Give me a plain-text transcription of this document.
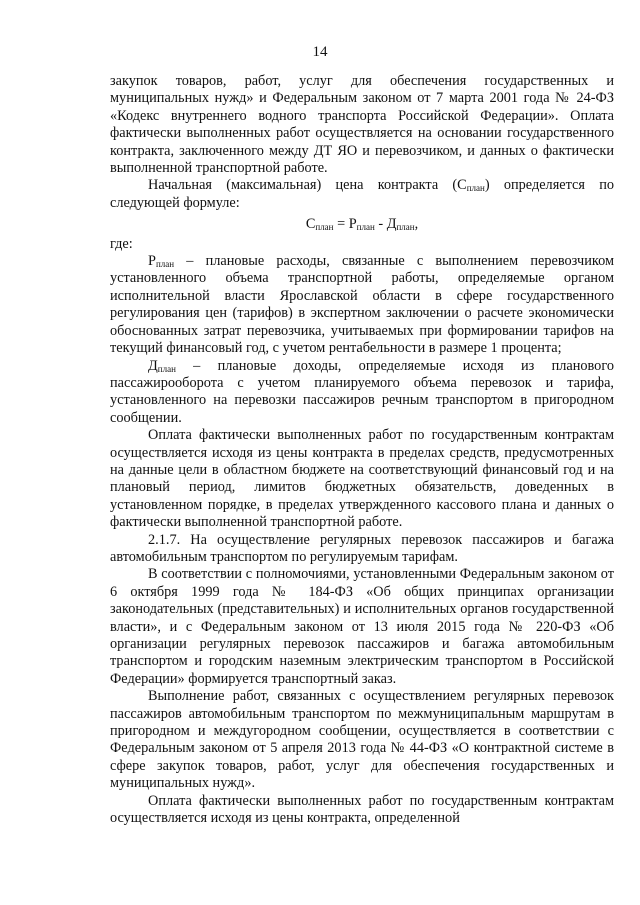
14

закупок товаров, работ, услуг для обеспечения государственных и муниципальных нужд» и Федеральным законом от 7 марта 2001 года № 24-ФЗ «Кодекс внутреннего водного транспорта Российской Федерации». Оплата фактически выполненных работ осуществляется на основании государственного контракта, заключенного между ДТ ЯО и перевозчиком, и данных о фактически выполненной транспортной работе.

Начальная (максимальная) цена контракта $(C_{план})$ определяется по следующей формуле:

$C_{план} = P_{план} - Д_{план}$,

где:

$P_{план}$ – плановые расходы, связанные с выполнением перевозчиком установленного объема транспортной работы, определяемые органом исполнительной власти Ярославской области в сфере государственного регулирования цен (тарифов) в экспертном заключении о расчете экономически обоснованных затрат перевозчика, учитываемых при формировании тарифов на текущий финансовый год, с учетом рентабельности в размере 1 процента;

$Д_{план}$ – плановые доходы, определяемые исходя из планового пассажирооборота с учетом планируемого объема перевозок и тарифа, установленного на перевозки пассажиров речным транспортом в пригородном сообщении.

Оплата фактически выполненных работ по государственным контрактам осуществляется исходя из цены контракта в пределах средств, предусмотренных на данные цели в областном бюджете на соответствующий финансовый год и на плановый период, лимитов бюджетных обязательств, доведенных в установленном порядке, в пределах утвержденного кассового плана и данных о фактически выполненной транспортной работе.

2.1.7. На осуществление регулярных перевозок пассажиров и багажа автомобильным транспортом по регулируемым тарифам.

В соответствии с полномочиями, установленными Федеральным законом от 6 октября 1999 года № 184-ФЗ «Об общих принципах организации законодательных (представительных) и исполнительных органов государственной власти», и с Федеральным законом от 13 июля 2015 года № 220-ФЗ «Об организации регулярных перевозок пассажиров и багажа автомобильным транспортом и городским наземным электрическим транспортом в Российской Федерации» формируется транспортный заказ.

Выполнение работ, связанных с осуществлением регулярных перевозок пассажиров автомобильным транспортом по межмуниципальным маршрутам в пригородном и междугородном сообщении, осуществляется в соответствии с Федеральным законом от 5 апреля 2013 года № 44-ФЗ «О контрактной системе в сфере закупок товаров, работ, услуг для обеспечения государственных и муниципальных нужд».

Оплата фактически выполненных работ по государственным контрактам осуществляется исходя из цены контракта, определенной
